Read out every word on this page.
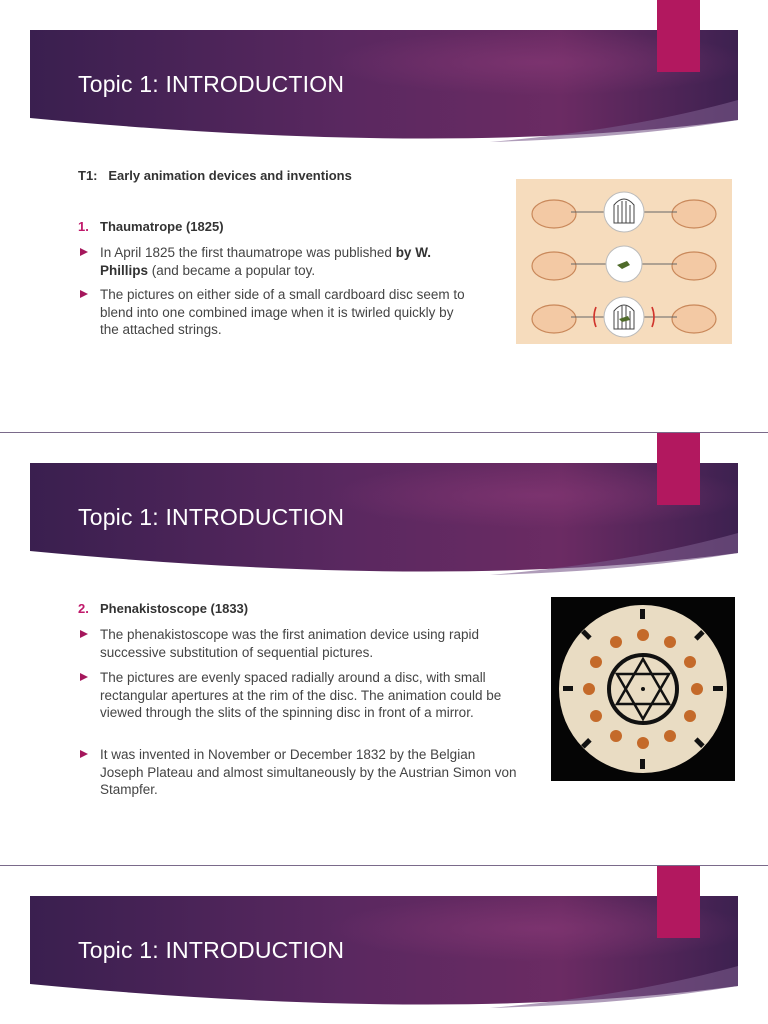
Topic 1: INTRODUCTION
T1:   Early animation devices and inventions
1. Thaumatrope (1825)
In April 1825 the first thaumatrope was published by W. Phillips (and became a popular toy.
The pictures on either side of a small cardboard disc seem to blend into one combined image when it is twirled quickly by the attached strings.
Topic 1: INTRODUCTION
2. Phenakistoscope (1833)
The phenakistoscope was the first animation device using rapid successive substitution of sequential pictures.
The pictures are evenly spaced radially around a disc, with small rectangular apertures at the rim of the disc. The animation could be viewed through the slits of the spinning disc in front of a mirror.
It was invented in November or December 1832 by the Belgian Joseph Plateau and almost simultaneously by the Austrian Simon von Stampfer.
Topic 1: INTRODUCTION
